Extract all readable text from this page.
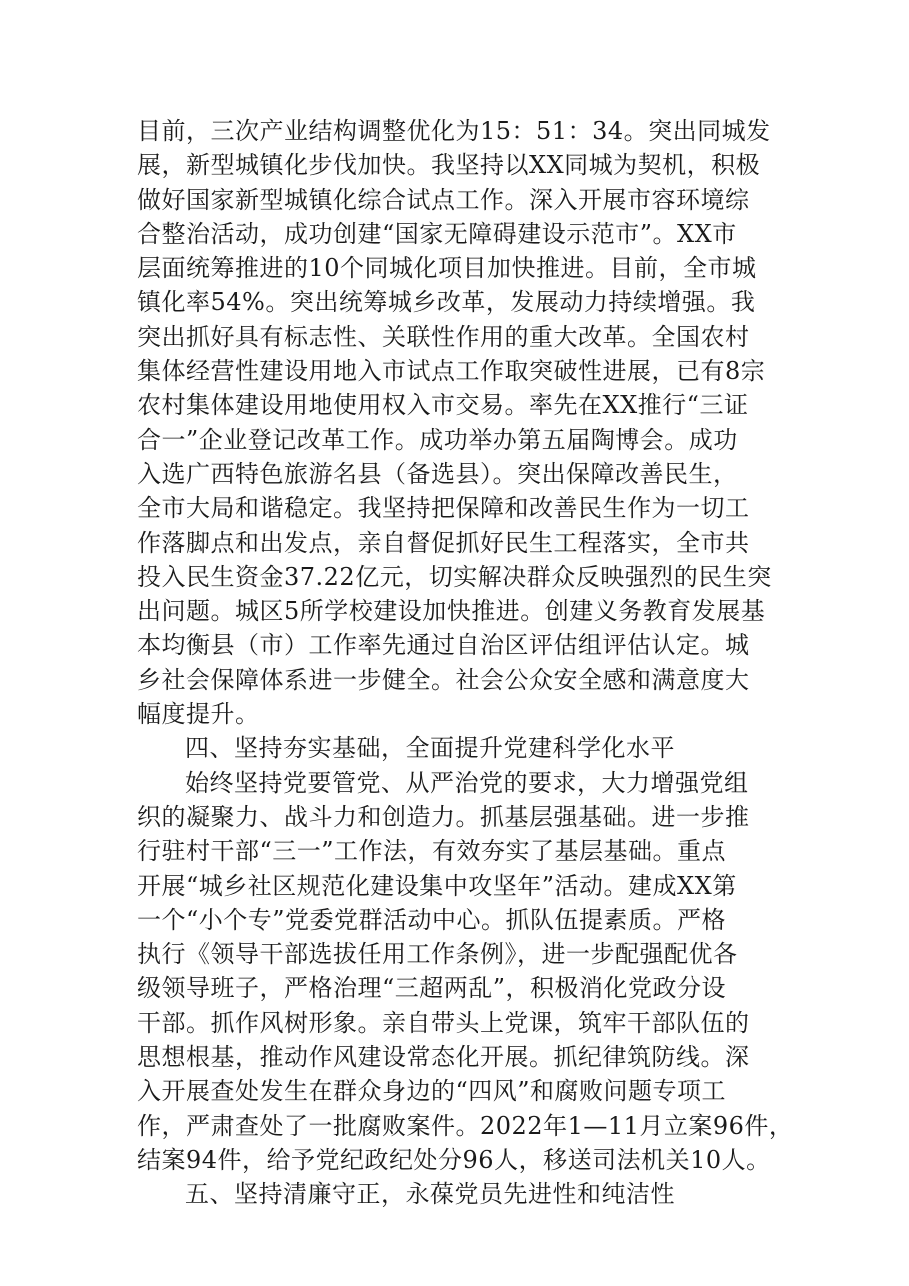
目前，三次产业结构调整优化为15：51：34。突出同城发
展，新型城镇化步伐加快。我坚持以XX同城为契机，积极
做好国家新型城镇化综合试点工作。深入开展市容环境综
合整治活动，成功创建“国家无障碍建设示范市”。XX市
层面统筹推进的10个同城化项目加快推进。目前，全市城
镇化率54%。突出统筹城乡改革，发展动力持续增强。我
突出抓好具有标志性、关联性作用的重大改革。全国农村
集体经营性建设用地入市试点工作取突破性进展，已有8宗
农村集体建设用地使用权入市交易。率先在XX推行“三证
合一”企业登记改革工作。成功举办第五届陶博会。成功
入选广西特色旅游名县（备选县）。突出保障改善民生，
全市大局和谐稳定。我坚持把保障和改善民生作为一切工
作落脚点和出发点，亲自督促抓好民生工程落实，全市共
投入民生资金37.22亿元，切实解决群众反映强烈的民生突
出问题。城区5所学校建设加快推进。创建义务教育发展基
本均衡县（市）工作率先通过自治区评估组评估认定。城
乡社会保障体系进一步健全。社会公众安全感和满意度大
幅度提升。
四、坚持夯实基础，全面提升党建科学化水平
始终坚持党要管党、从严治党的要求，大力增强党组
织的凝聚力、战斗力和创造力。抓基层强基础。进一步推
行驻村干部“三一”工作法，有效夯实了基层基础。重点
开展“城乡社区规范化建设集中攻坚年”活动。建成XX第
一个“小个专”党委党群活动中心。抓队伍提素质。严格
执行《领导干部选拔任用工作条例》，进一步配强配优各
级领导班子，严格治理“三超两乱”，积极消化党政分设
干部。抓作风树形象。亲自带头上党课，筑牢干部队伍的
思想根基，推动作风建设常态化开展。抓纪律筑防线。深
入开展查处发生在群众身边的“四风”和腐败问题专项工
作，严肃查处了一批腐败案件。2022年1—11月立案96件，
结案94件，给予党纪政纪处分96人，移送司法机关10人。
五、坚持清廉守正，永葆党员先进性和纯洁性
